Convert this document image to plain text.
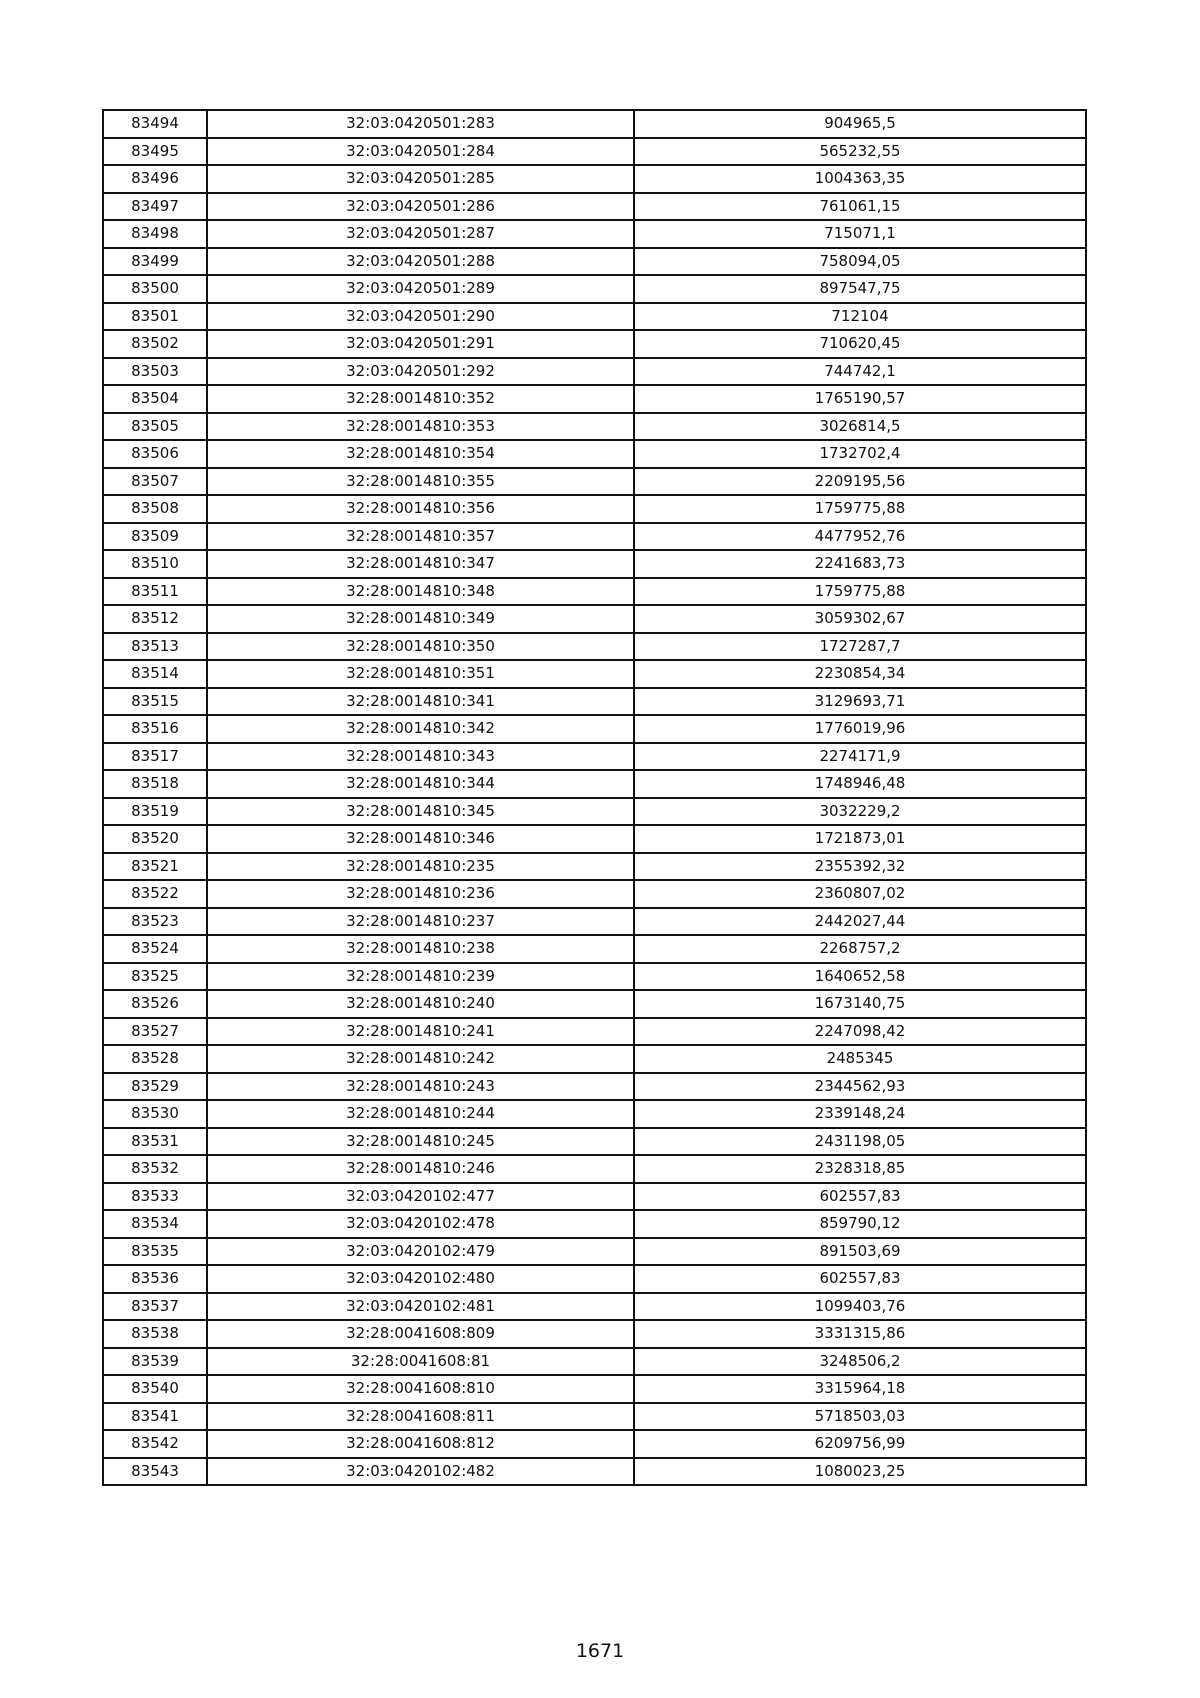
83494	32:03:0420501:283	904965,5
83495	32:03:0420501:284	565232,55
83496	32:03:0420501:285	1004363,35
83497	32:03:0420501:286	761061,15
83498	32:03:0420501:287	715071,1
83499	32:03:0420501:288	758094,05
83500	32:03:0420501:289	897547,75
83501	32:03:0420501:290	712104
83502	32:03:0420501:291	710620,45
83503	32:03:0420501:292	744742,1
83504	32:28:0014810:352	1765190,57
83505	32:28:0014810:353	3026814,5
83506	32:28:0014810:354	1732702,4
83507	32:28:0014810:355	2209195,56
83508	32:28:0014810:356	1759775,88
83509	32:28:0014810:357	4477952,76
83510	32:28:0014810:347	2241683,73
83511	32:28:0014810:348	1759775,88
83512	32:28:0014810:349	3059302,67
83513	32:28:0014810:350	1727287,7
83514	32:28:0014810:351	2230854,34
83515	32:28:0014810:341	3129693,71
83516	32:28:0014810:342	1776019,96
83517	32:28:0014810:343	2274171,9
83518	32:28:0014810:344	1748946,48
83519	32:28:0014810:345	3032229,2
83520	32:28:0014810:346	1721873,01
83521	32:28:0014810:235	2355392,32
83522	32:28:0014810:236	2360807,02
83523	32:28:0014810:237	2442027,44
83524	32:28:0014810:238	2268757,2
83525	32:28:0014810:239	1640652,58
83526	32:28:0014810:240	1673140,75
83527	32:28:0014810:241	2247098,42
83528	32:28:0014810:242	2485345
83529	32:28:0014810:243	2344562,93
83530	32:28:0014810:244	2339148,24
83531	32:28:0014810:245	2431198,05
83532	32:28:0014810:246	2328318,85
83533	32:03:0420102:477	602557,83
83534	32:03:0420102:478	859790,12
83535	32:03:0420102:479	891503,69
83536	32:03:0420102:480	602557,83
83537	32:03:0420102:481	1099403,76
83538	32:28:0041608:809	3331315,86
83539	32:28:0041608:81	3248506,2
83540	32:28:0041608:810	3315964,18
83541	32:28:0041608:811	5718503,03
83542	32:28:0041608:812	6209756,99
83543	32:03:0420102:482	1080023,25
1671
